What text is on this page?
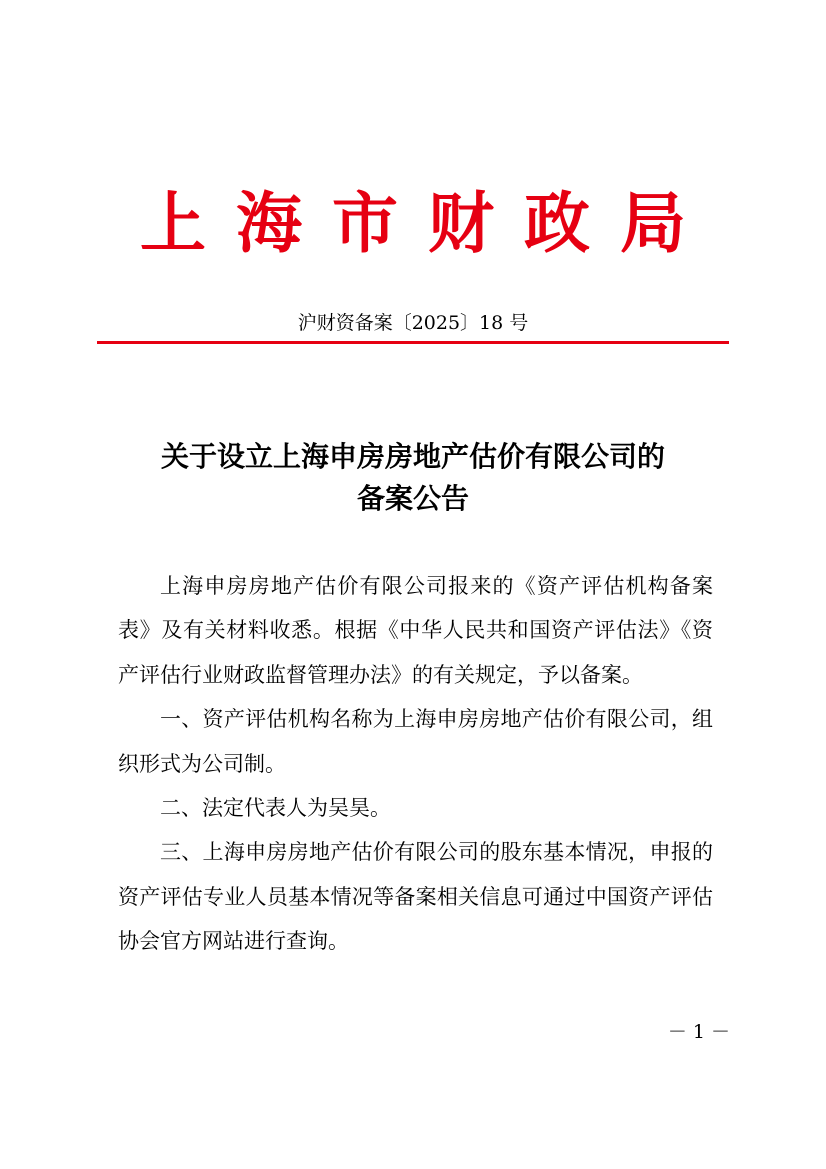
上海市财政局
沪财资备案〔2025〕18 号
关于设立上海申房房地产估价有限公司的
备案公告

上海申房房地产估价有限公司报来的《资产评估机构备案表》及有关材料收悉。根据《中华人民共和国资产评估法》《资产评估行业财政监督管理办法》的有关规定，予以备案。

一、资产评估机构名称为上海申房房地产估价有限公司，组织形式为公司制。

二、法定代表人为吴昊。

三、上海申房房地产估价有限公司的股东基本情况，申报的资产评估专业人员基本情况等备案相关信息可通过中国资产评估协会官方网站进行查询。

－ 1 －
